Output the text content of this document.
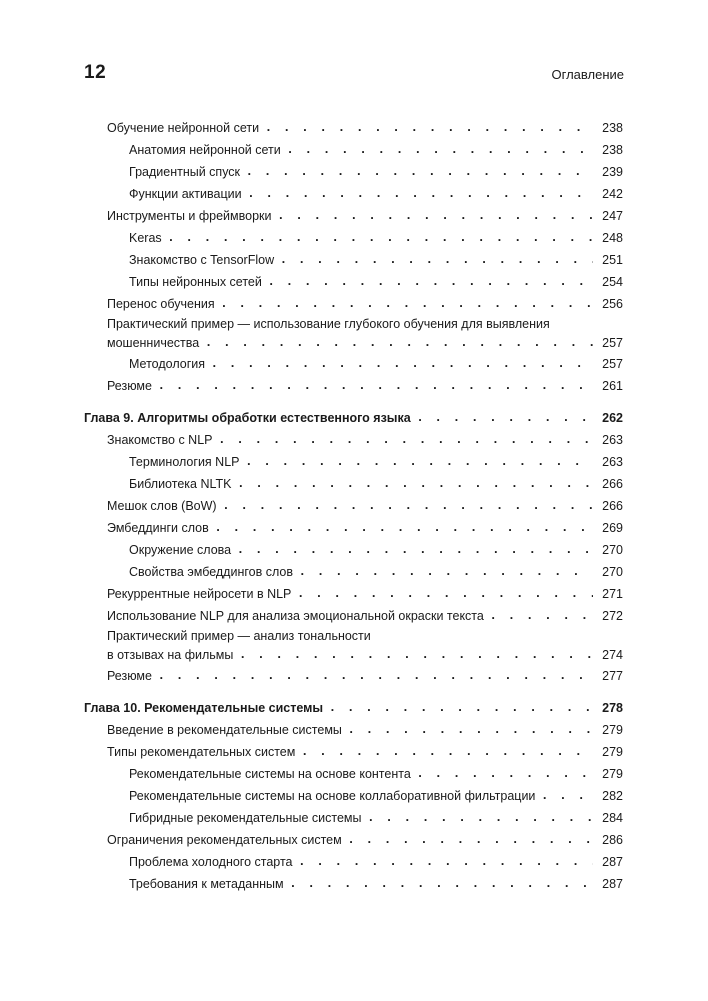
12	Оглавление
Обучение нейронной сети . . .	238
Анатомия нейронной сети . . .	238
Градиентный спуск . . .	239
Функции активации . . .	242
Инструменты и фреймворки . . .	247
Keras . . .	248
Знакомство с TensorFlow . . .	251
Типы нейронных сетей . . .	254
Перенос обучения . . .	256
Практический пример — использование глубокого обучения для выявления
мошенничества . . .	257
Методология . . .	257
Резюме . . .	261
Глава 9. Алгоритмы обработки естественного языка . . .	262
Знакомство с NLP . . .	263
Терминология NLP . . .	263
Библиотека NLTK . . .	266
Мешок слов (BoW) . . .	266
Эмбеддинги слов . . .	269
Окружение слова . . .	270
Свойства эмбеддингов слов . . .	270
Рекуррентные нейросети в NLP . . .	271
Использование NLP для анализа эмоциональной окраски текста . . .	272
Практический пример — анализ тональности
в отзывах на фильмы . . .	274
Резюме . . .	277
Глава 10. Рекомендательные системы . . .	278
Введение в рекомендательные системы . . .	279
Типы рекомендательных систем . . .	279
Рекомендательные системы на основе контента . . .	279
Рекомендательные системы на основе коллаборативной фильтрации . . .	282
Гибридные рекомендательные системы . . .	284
Ограничения рекомендательных систем . . .	286
Проблема холодного старта . . .	287
Требования к метаданным . . .	287
